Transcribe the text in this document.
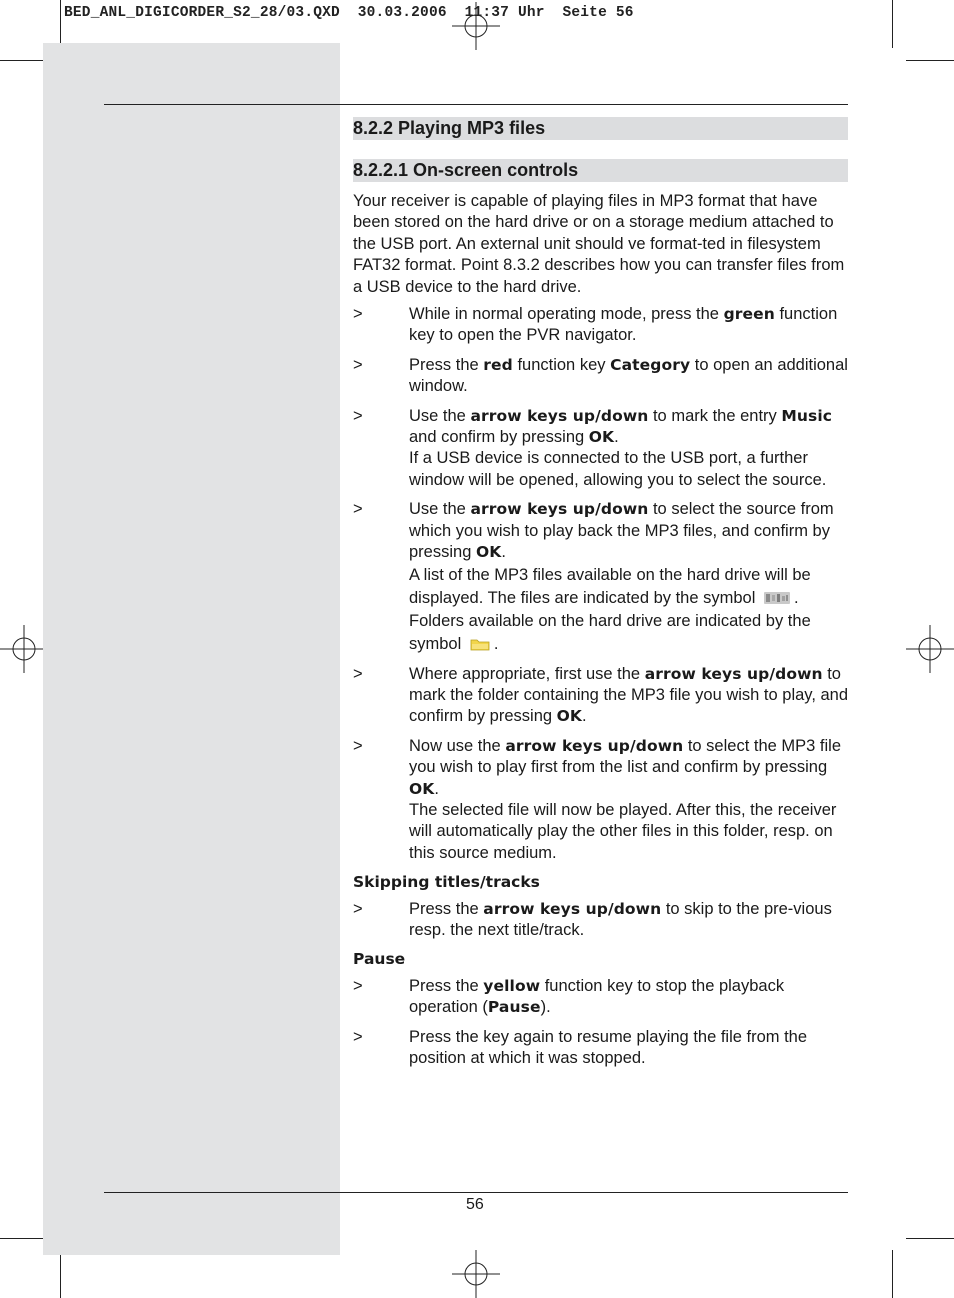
BED_ANL_DIGICORDER_S2_28/03.QXD  30.03.2006  11:37 Uhr  Seite 56
8.2.2 Playing MP3 files
8.2.2.1 On-screen controls

Your receiver is capable of playing files in MP3 format that have been stored on the hard drive or on a storage medium attached to the USB port. An external unit should ve format-ted in filesystem FAT32 format. Point 8.3.2 describes how you can transfer files from a USB device to the hard drive.

>	While in normal operating mode, press the green function key to open the PVR navigator.
>	Press the red function key Category to open an additional window.
>	Use the arrow keys up/down to mark the entry Music and confirm by pressing OK.
If a USB device is connected to the USB port, a further window will be opened, allowing you to select the source.
>	Use the arrow keys up/down to select the source from which you wish to play back the MP3 files, and confirm by pressing OK.
A list of the MP3 files available on the hard drive will be displayed. The files are indicated by the symbol . Folders available on the hard drive are indicated by the symbol .
>	Where appropriate, first use the arrow keys up/down to mark the folder containing the MP3 file you wish to play, and confirm by pressing OK.
>	Now use the arrow keys up/down to select the MP3 file you wish to play first from the list and confirm by pressing OK.
The selected file will now be played. After this, the receiver will automatically play the other files in this folder, resp. on this source medium.
Skipping titles/tracks
>	Press the arrow keys up/down to skip to the pre-vious resp. the next title/track.
Pause
>	Press the yellow function key to stop the playback operation (Pause).
>	Press the key again to resume playing the file from the position at which it was stopped.
56
